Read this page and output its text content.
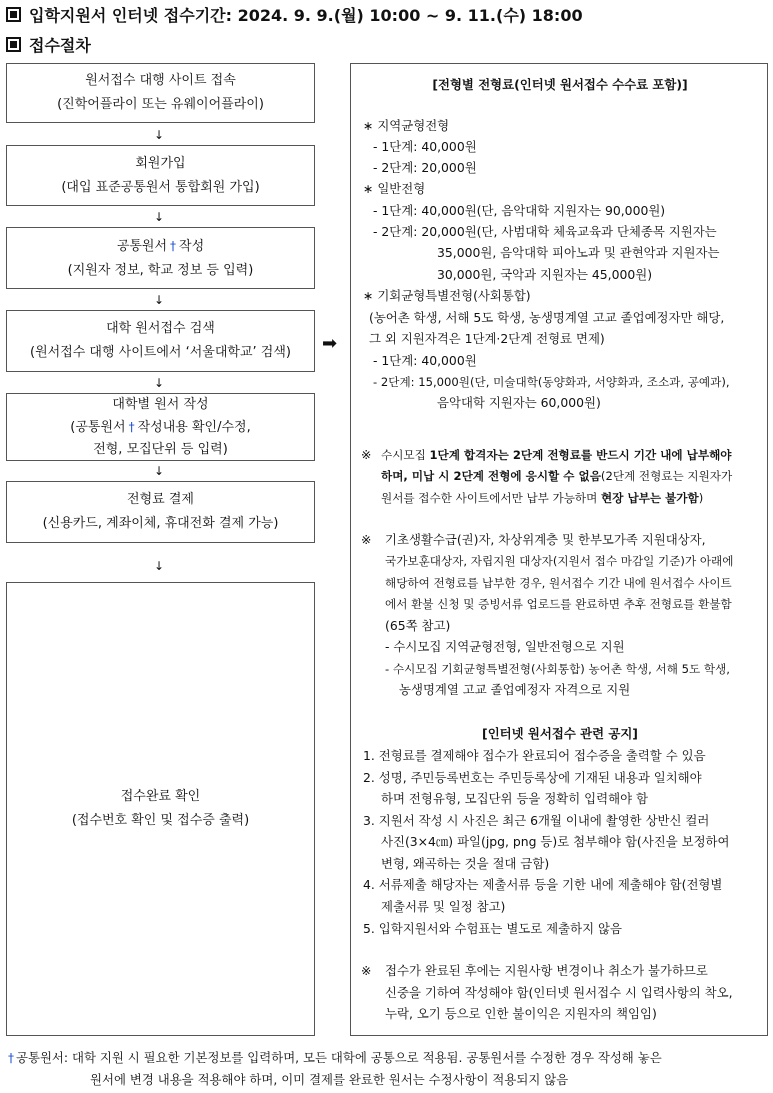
입학지원서 인터넷 접수기간: 2024. 9. 9.(월) 10:00 ~ 9. 11.(수) 18:00
접수절차
원서접수 대행 사이트 접속
(진학어플라이 또는 유웨이어플라이)
↓
회원가입
(대입 표준공통원서 통합회원 가입)
↓
공통원서 † 작성
(지원자 정보, 학교 정보 등 입력)
↓
대학 원서접수 검색
(원서접수 대행 사이트에서 ‘서울대학교’ 검색)
↓
대학별 원서 작성
(공통원서 † 작성내용 확인/수정,
전형, 모집단위 등 입력)
↓
전형료 결제
(신용카드, 계좌이체, 휴대전화 결제 가능)
↓
접수완료 확인
(접수번호 확인 및 접수증 출력)
➡
[전형별 전형료(인터넷 원서접수 수수료 포함)]
∗ 지역균형전형
- 1단계: 40,000원
- 2단계: 20,000원
∗ 일반전형
- 1단계: 40,000원(단, 음악대학 지원자는 90,000원)
- 2단계: 20,000원(단, 사범대학 체육교육과 단체종목 지원자는
35,000원, 음악대학 피아노과 및 관현악과 지원자는
30,000원, 국악과 지원자는 45,000원)
∗ 기회균형특별전형(사회통합)
(농어촌 학생, 서해 5도 학생, 농생명계열 고교 졸업예정자만 해당,
그 외 지원자격은 1단계·2단계 전형료 면제)
- 1단계: 40,000원
- 2단계: 15,000원(단, 미술대학(동양화과, 서양화과, 조소과, 공예과),
음악대학 지원자는 60,000원)
※ 수시모집 1단계 합격자는 2단계 전형료를 반드시 기간 내에 납부해야
하며, 미납 시 2단계 전형에 응시할 수 없음(2단계 전형료는 지원자가
원서를 접수한 사이트에서만 납부 가능하며 현장 납부는 불가함)
※ 기초생활수급(권)자, 차상위계층 및 한부모가족 지원대상자,
국가보훈대상자, 자립지원 대상자(지원서 접수 마감일 기준)가 아래에
해당하여 전형료를 납부한 경우, 원서접수 기간 내에 원서접수 사이트
에서 환불 신청 및 증빙서류 업로드를 완료하면 추후 전형료를 환불함
(65쪽 참고)
- 수시모집 지역균형전형, 일반전형으로 지원
- 수시모집 기회균형특별전형(사회통합) 농어촌 학생, 서해 5도 학생,
농생명계열 고교 졸업예정자 자격으로 지원
[인터넷 원서접수 관련 공지]
1. 전형료를 결제해야 접수가 완료되어 접수증을 출력할 수 있음
2. 성명, 주민등록번호는 주민등록상에 기재된 내용과 일치해야
하며 전형유형, 모집단위 등을 정확히 입력해야 함
3. 지원서 작성 시 사진은 최근 6개월 이내에 촬영한 상반신 컬러
사진(3×4㎝) 파일(jpg, png 등)로 첨부해야 함(사진을 보정하여
변형, 왜곡하는 것을 절대 금함)
4. 서류제출 해당자는 제출서류 등을 기한 내에 제출해야 함(전형별
제출서류 및 일정 참고)
5. 입학지원서와 수험표는 별도로 제출하지 않음
※ 접수가 완료된 후에는 지원사항 변경이나 취소가 불가하므로
신중을 기하여 작성해야 함(인터넷 원서접수 시 입력사항의 착오,
누락, 오기 등으로 인한 불이익은 지원자의 책임임)
† 공통원서: 대학 지원 시 필요한 기본정보를 입력하며, 모든 대학에 공통으로 적용됨. 공통원서를 수정한 경우 작성해 놓은
원서에 변경 내용을 적용해야 하며, 이미 결제를 완료한 원서는 수정사항이 적용되지 않음
